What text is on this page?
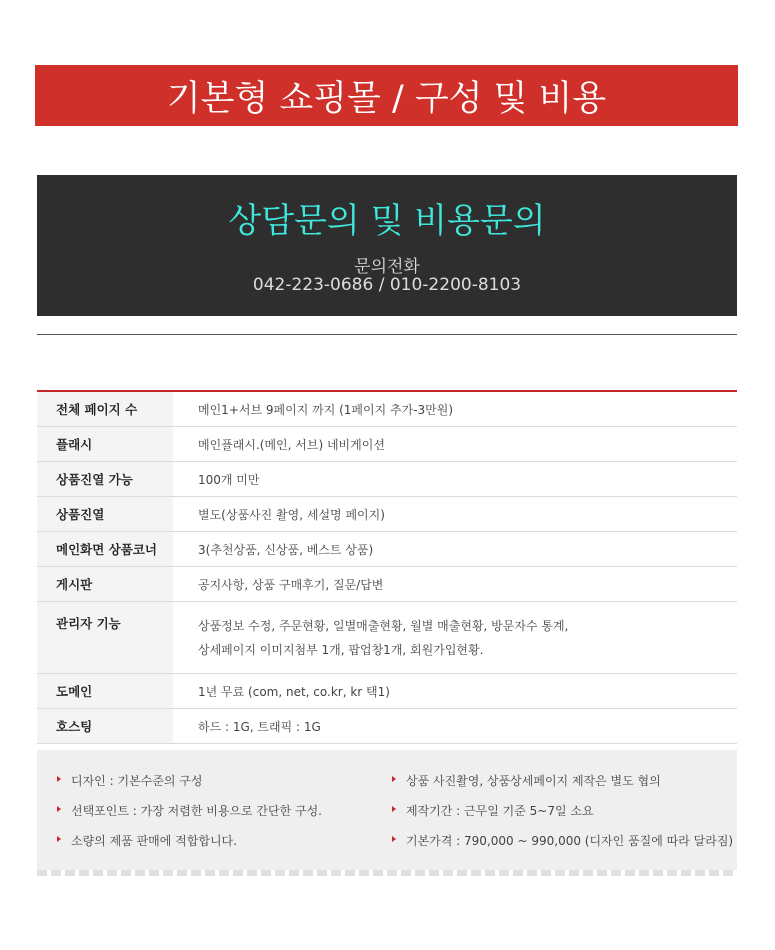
기본형 쇼핑몰 / 구성 및 비용
상담문의 및 비용문의
문의전화
042-223-0686 / 010-2200-8103
전체 페이지 수	메인1+서브 9페이지 까지 (1페이지 추가-3만원)
플래시	메인플래시.(메인, 서브) 네비게이션
상품진열 가능	100개 미만
상품진열	별도(상품사진 촬영, 세설명 페이지)
메인화면 상품코너	3(추천상품, 신상품, 베스트 상품)
게시판	공지사항, 상품 구매후기, 질문/답변
관리자 기능	상품정보 수정, 주문현황, 일별매출현황, 월별 매출현황, 방문자수 통계,
상세페이지 이미지첨부 1개, 팝업창1개, 회원가입현황.
도메인	1년 무료 (com, net, co.kr, kr 택1)
호스팅	하드 : 1G, 트래픽 : 1G
디자인 : 기본수준의 구성
선택포인트 : 가장 저렴한 비용으로 간단한 구성.
소량의 제품 판매에 적합합니다.
상품 사진촬영, 상품상세페이지 제작은 별도 협의
제작기간 : 근무일 기준 5~7일 소요
기본가격 : 790,000 ~ 990,000 (디자인 품질에 따라 달라짐)
